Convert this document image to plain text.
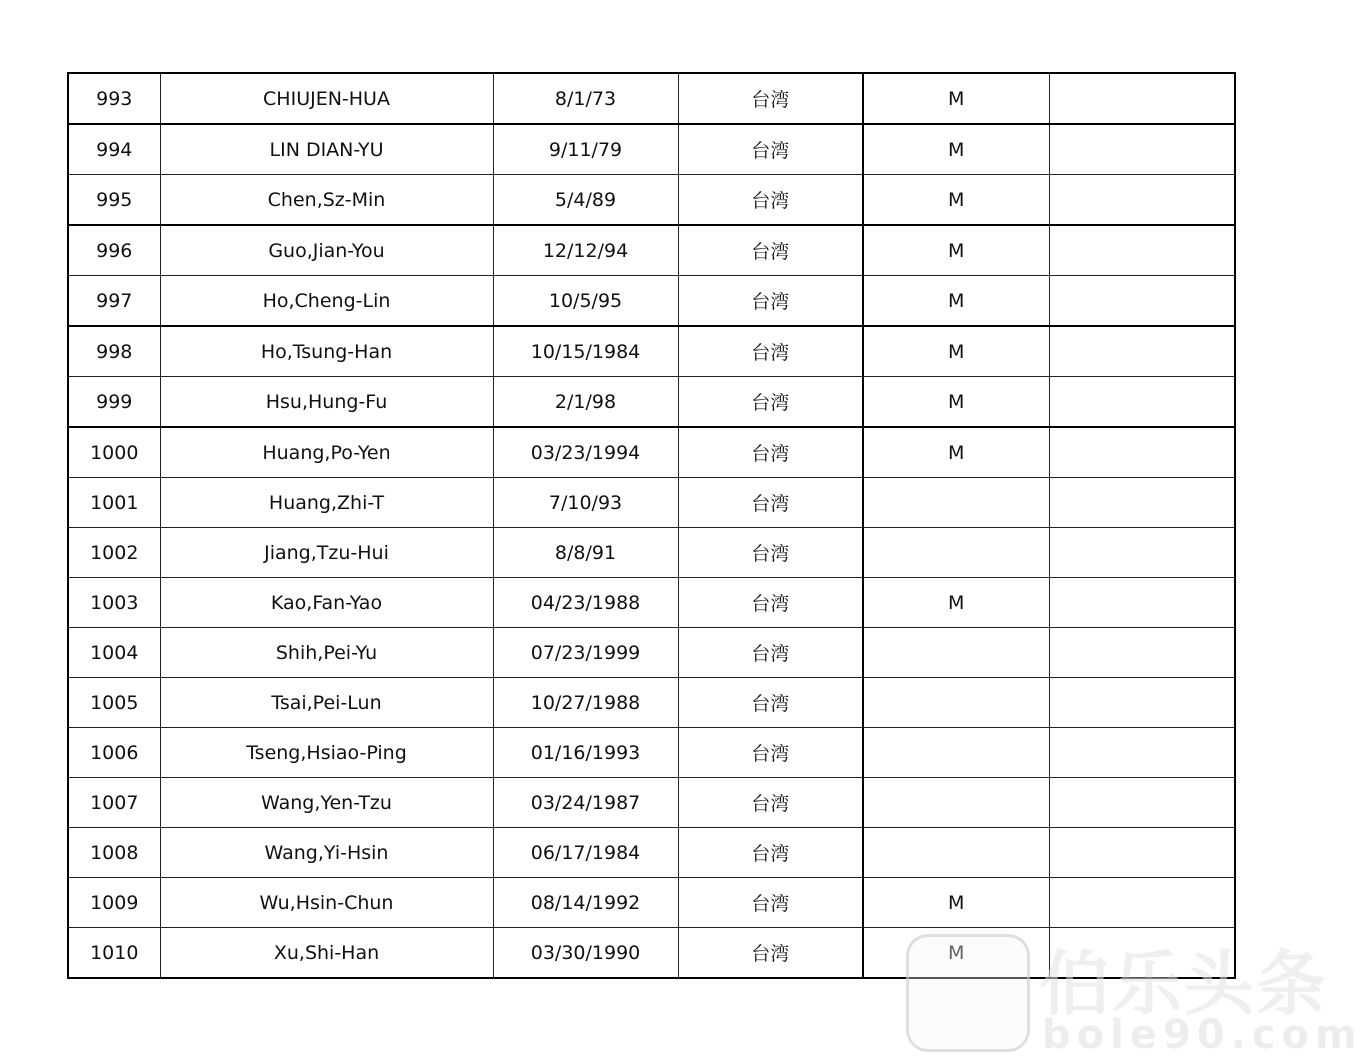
993	CHIUJEN-HUA	8/1/73	台湾	M	
994	LIN DIAN-YU	9/11/79	台湾	M	
995	Chen,Sz-Min	5/4/89	台湾	M	
996	Guo,Jian-You	12/12/94	台湾	M	
997	Ho,Cheng-Lin	10/5/95	台湾	M	
998	Ho,Tsung-Han	10/15/1984	台湾	M	
999	Hsu,Hung-Fu	2/1/98	台湾	M	
1000	Huang,Po-Yen	03/23/1994	台湾	M	
1001	Huang,Zhi-T	7/10/93	台湾		
1002	Jiang,Tzu-Hui	8/8/91	台湾		
1003	Kao,Fan-Yao	04/23/1988	台湾	M	
1004	Shih,Pei-Yu	07/23/1999	台湾		
1005	Tsai,Pei-Lun	10/27/1988	台湾		
1006	Tseng,Hsiao-Ping	01/16/1993	台湾		
1007	Wang,Yen-Tzu	03/24/1987	台湾		
1008	Wang,Yi-Hsin	06/17/1984	台湾		
1009	Wu,Hsin-Chun	08/14/1992	台湾	M	
1010	Xu,Shi-Han	03/30/1990	台湾	M	伯乐头条
bole90.com
